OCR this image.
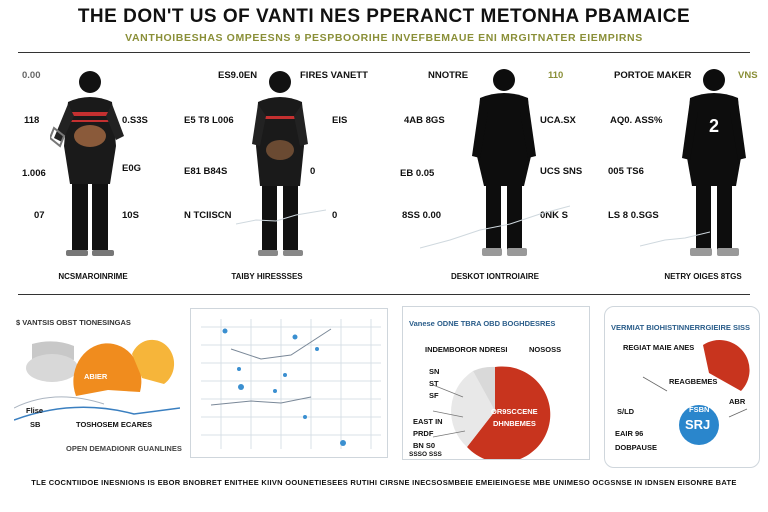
THE DON'T US OF VANTI NES PPERANCT METONHA PBAMAICE
VANTHOIBESHAS OMPEESNS 9 PESPBOORIHE INVEFBEMAUE ENI MRGITNATER EIEMPIRNS
0.00
118	0.S3S
1.006	E0G
07	10S
NCSMAROINRIME
ES9.0EN	FIRES VANETT
E5 T8 L006	EIS
E81 B84S	0
N TCIISCN	0
TAIBY HIRESSSES
NNOTRE	110
4AB 8GS	UCA.SX
EB 0.05	UCS SNS
8SS 0.00	0NK S
DESKOT IONTROIAIRE
PORTOE MAKER	VNS
2
AQ0. ASS %
005 TS6
LS 8 0.SGS
NETRY OIGES 8TGS
$ VANTSIS OBST TIONESINGAS
ABIER
Flise
SB	TOSHOSEM ECARES
OPEN DEMADIONR GUANLINES
Vanese ODNE TBRA OBD BOGHDESRES
INDEMBOROR NDRESI	NOSOSS
OR9SCCENE
DHNBEMES
SN
ST
SF
EAST IN
PRDF
BN S0
SSSO SSS
VERMIAT BIOHISTINNERRGIEIRE SISS
REGIAT MAIE ANES
REAGBEMES
S/LD
EAIR 96
DOBPAUSE
FSBN
SRJ
ABR
TLE COCNTIIDOE INESNIONS IS EBOR BNOBRET ENITHEE KIIVN OOUNETIESEES RUTIHI CIRSNE INECSOSMBEIE EMEIEINGESE MBE UNIMESO OCGSNSE IN IDNSEN EISONRE BATE
